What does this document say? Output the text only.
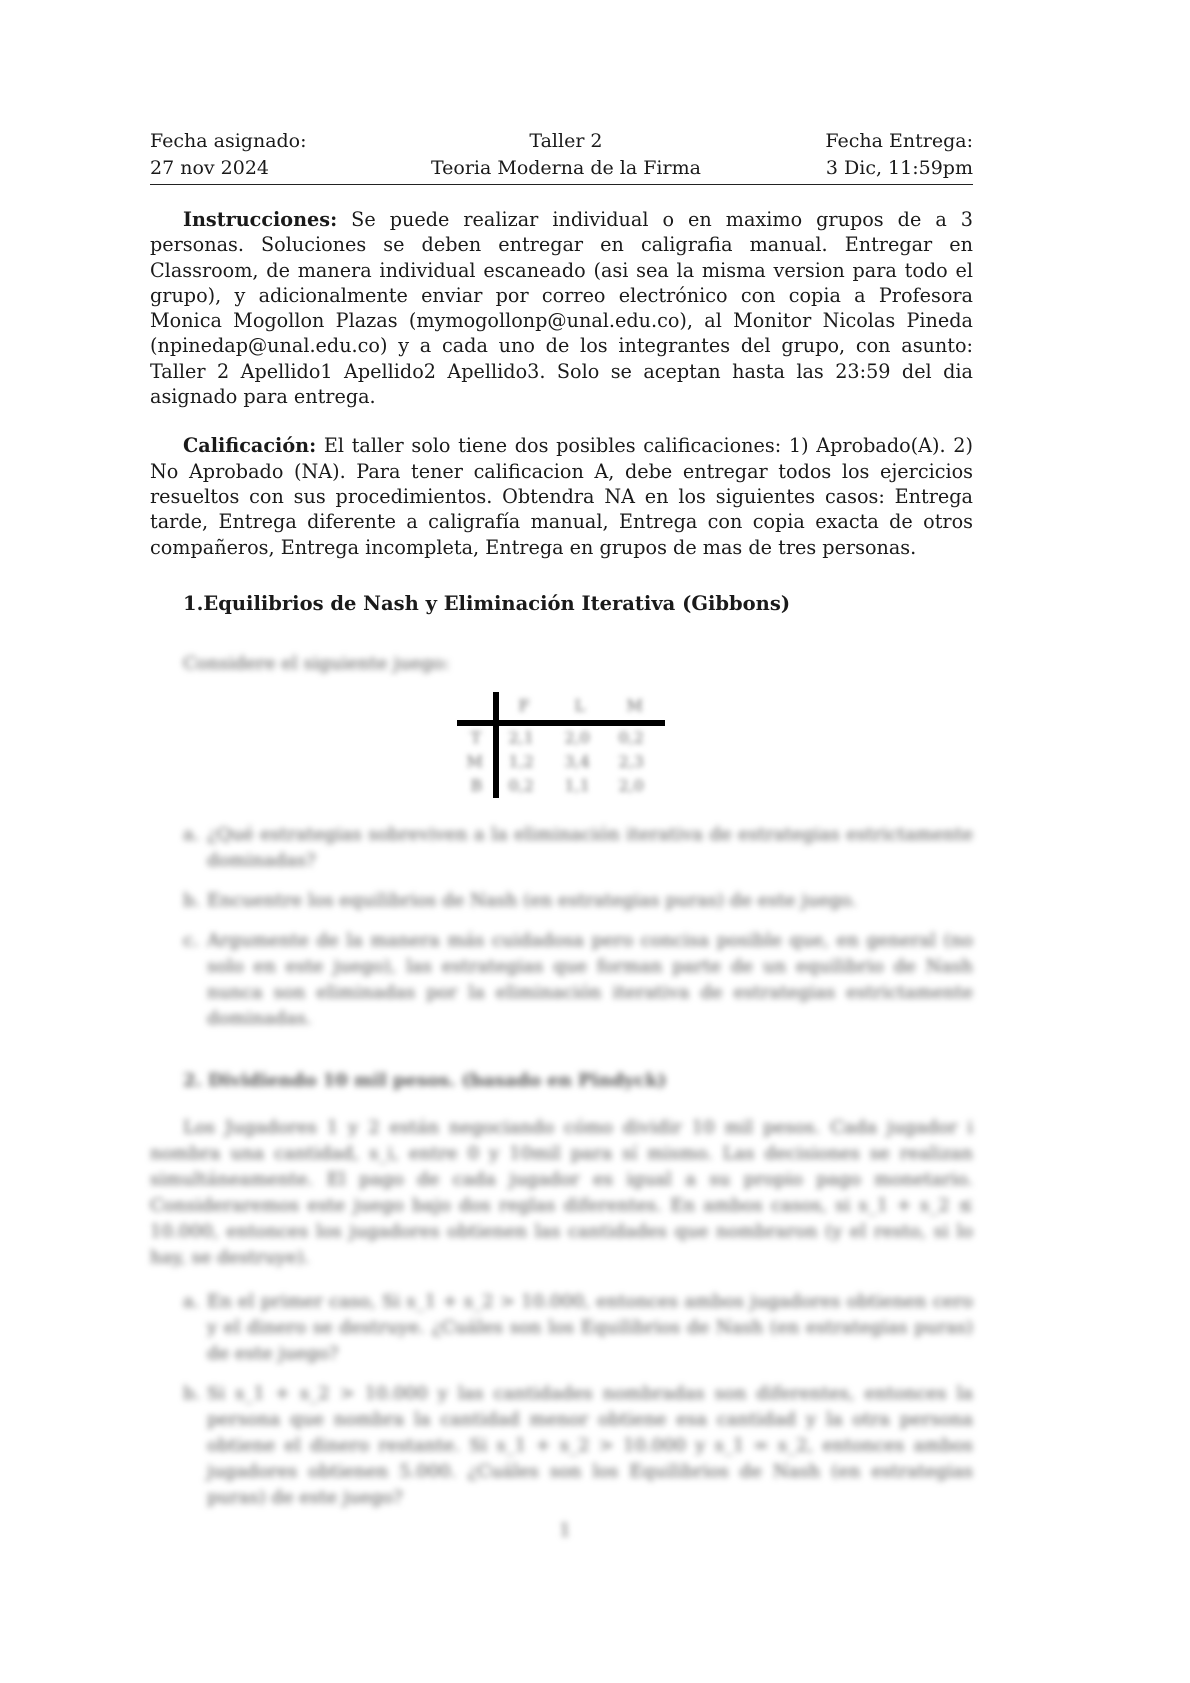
Fecha asignado:
27 nov 2024
Taller 2
Teoria Moderna de la Firma
Fecha Entrega:
3 Dic, 11:59pm

Instrucciones: Se puede realizar individual o en maximo grupos de a 3 personas. Soluciones se deben entregar en caligrafia manual. Entregar en Classroom, de manera individual escaneado (asi sea la misma version para todo el grupo), y adicionalmente enviar por correo electrónico con copia a Profesora Monica Mogollon Plazas (mymogollonp@unal.edu.co), al Monitor Nicolas Pineda (npinedap@unal.edu.co) y a cada uno de los integrantes del grupo, con asunto: Taller 2 Apellido1 Apellido2 Apellido3. Solo se aceptan hasta las 23:59 del dia asignado para entrega.

Calificación: El taller solo tiene dos posibles calificaciones: 1) Aprobado(A). 2) No Aprobado (NA). Para tener calificacion A, debe entregar todos los ejercicios resueltos con sus procedimientos. Obtendra NA en los siguientes casos: Entrega tarde, Entrega diferente a caligrafía manual, Entrega con copia exacta de otros compañeros, Entrega incompleta, Entrega en grupos de mas de tres personas.

1.Equilibrios de Nash y Eliminación Iterativa (Gibbons)
Considere el siguiente juego:
F	L	M
T 2,1 2,0 0,2
M 1,2 3,4 2,3
B 0,2 1,1 2,0
a. ¿Qué estrategias sobreviven a la eliminación iterativa de estrategias estrictamente dominadas?
b. Encuentre los equilibrios de Nash (en estrategias puras) de este juego.
c. Argumente de la manera más cuidadosa pero concisa posible que, en general (no solo en este juego), las estrategias que forman parte de un equilibrio de Nash nunca son eliminadas por la eliminación iterativa de estrategias estrictamente dominadas.
2. Dividiendo 10 mil pesos. (basado en Pindyck)

Los Jugadores 1 y 2 están negociando cómo dividir 10 mil pesos. Cada jugador i nombra una cantidad, s_i, entre 0 y 10mil para sí mismo. Las decisiones se realizan simultáneamente. El pago de cada jugador es igual a su propio pago monetario. Consideraremos este juego bajo dos reglas diferentes. En ambos casos, si s_1 + s_2 ≤ 10.000, entonces los jugadores obtienen las cantidades que nombraron (y el resto, si lo hay, se destruye).

a. En el primer caso, Si s_1 + s_2 > 10.000, entonces ambos jugadores obtienen cero y el dinero se destruye. ¿Cuáles son los Equilibrios de Nash (en estrategias puras) de este juego?
b. Si s_1 + s_2 > 10.000 y las cantidades nombradas son diferentes, entonces la persona que nombra la cantidad menor obtiene esa cantidad y la otra persona obtiene el dinero restante. Si s_1 + s_2 > 10.000 y s_1 = s_2, entonces ambos jugadores obtienen 5.000. ¿Cuáles son los Equilibrios de Nash (en estrategias puras) de este juego?
1
